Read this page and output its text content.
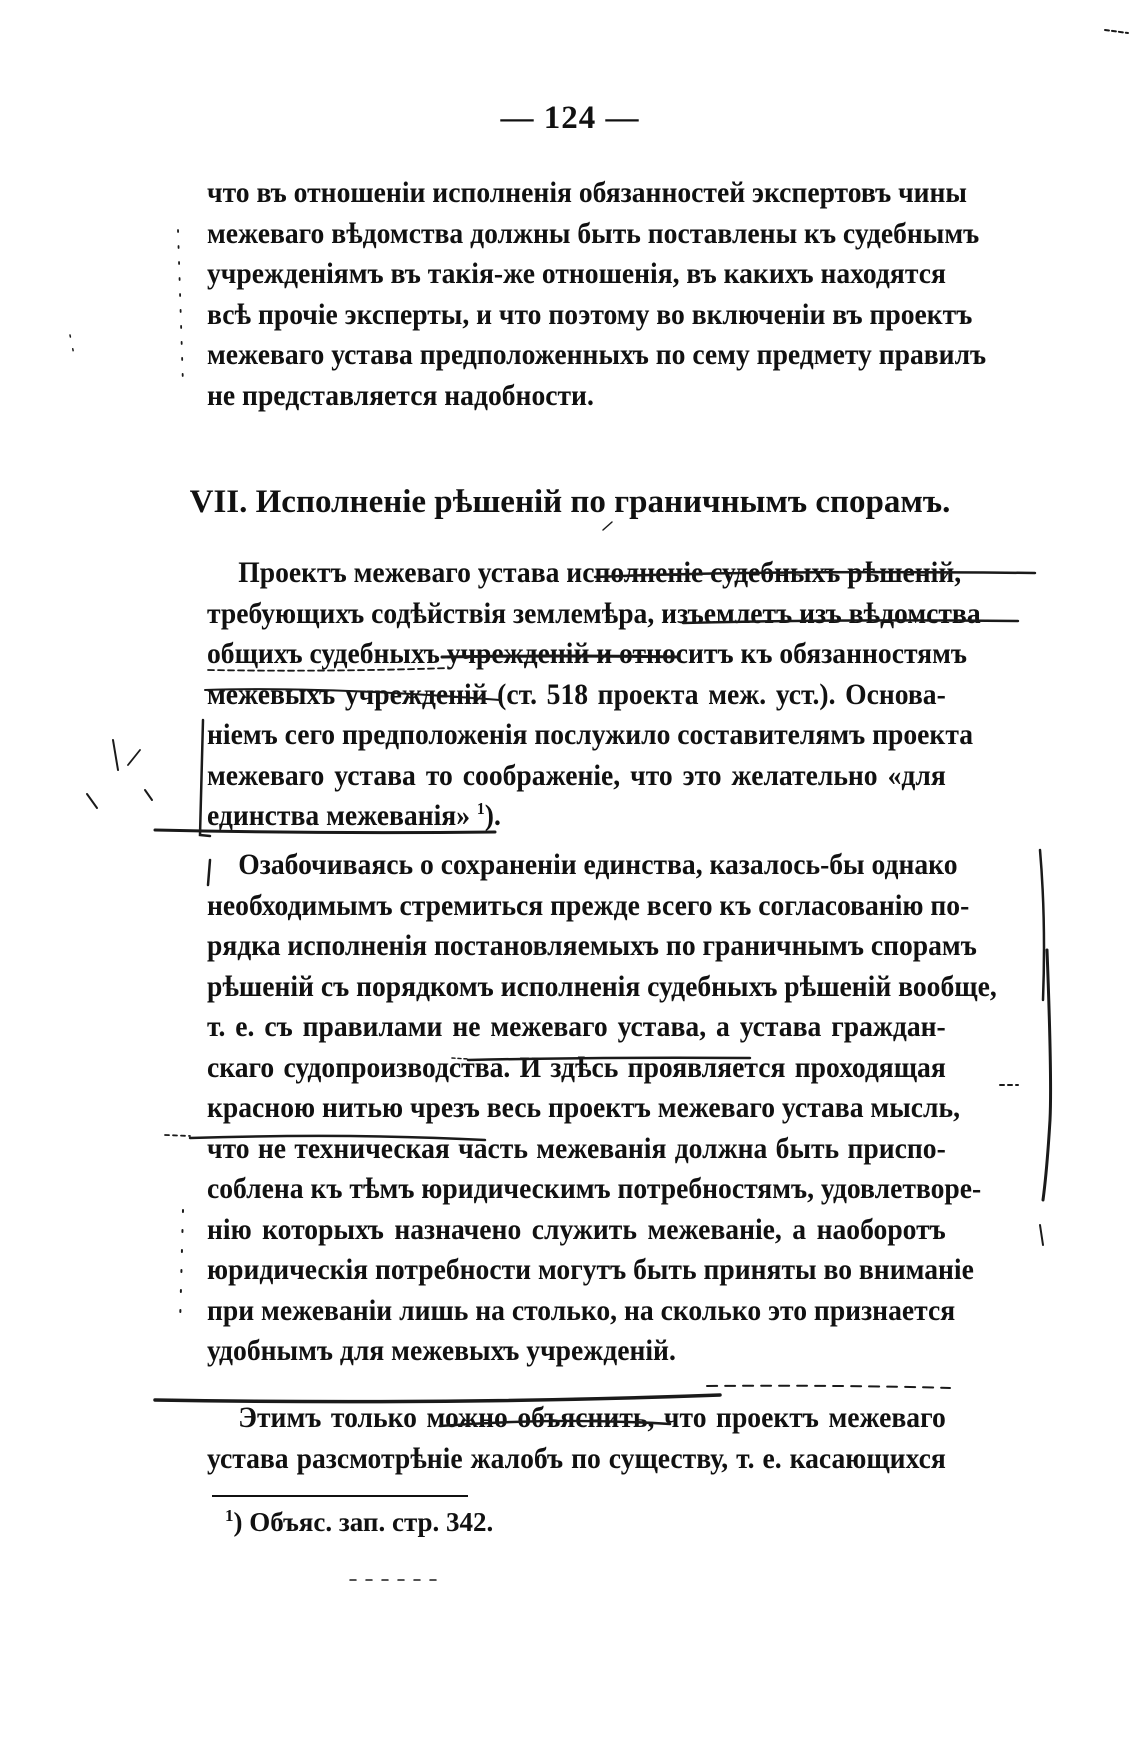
— 124 —
что въ отношеніи исполненія обязанностей экспертовъ чины
межеваго вѣдомства должны быть поставлены къ судебнымъ
учрежденіямъ въ такія-же отношенія, въ какихъ находятся
всѣ прочіе эксперты, и что поэтому во включеніи въ проектъ
межеваго устава предположенныхъ по сему предмету правилъ
не представляется надобности.
VII. Исполненіе рѣшеній по граничнымъ спорамъ.
Проектъ межеваго устава исполненіе судебныхъ рѣшеній,
требующихъ содѣйствія землемѣра, изъемлетъ изъ вѣдомства
общихъ судебныхъ учрежденій и относитъ къ обязанностямъ
межевыхъ учрежденій (ст. 518 проекта меж. уст.). Основа-
ніемъ сего предположенія послужило составителямъ проекта
межеваго устава то соображеніе, что это желательно «для
единства межеванія» $^1$).
Озабочиваясь о сохраненіи единства, казалось-бы однако
необходимымъ стремиться прежде всего къ согласованію по-
рядка исполненія постановляемыхъ по граничнымъ спорамъ
рѣшеній съ порядкомъ исполненія судебныхъ рѣшеній вообще,
т. е. съ правилами не межеваго устава, а устава граждан-
скаго судопроизводства. И здѣсь проявляется проходящая
красною нитью чрезъ весь проектъ межеваго устава мысль,
что не техническая часть межеванія должна быть приспо-
соблена къ тѣмъ юридическимъ потребностямъ, удовлетворе-
нію которыхъ назначено служить межеваніе, а наоборотъ
юридическія потребности могутъ быть приняты во вниманіе
при межеваніи лишь на столько, на сколько это признается
удобнымъ для межевыхъ учрежденій.
Этимъ только можно объяснить, что проектъ межеваго
устава разсмотрѣніе жалобъ по существу, т. е. касающихся
$^1$) Объяс. зап. стр. 342.
